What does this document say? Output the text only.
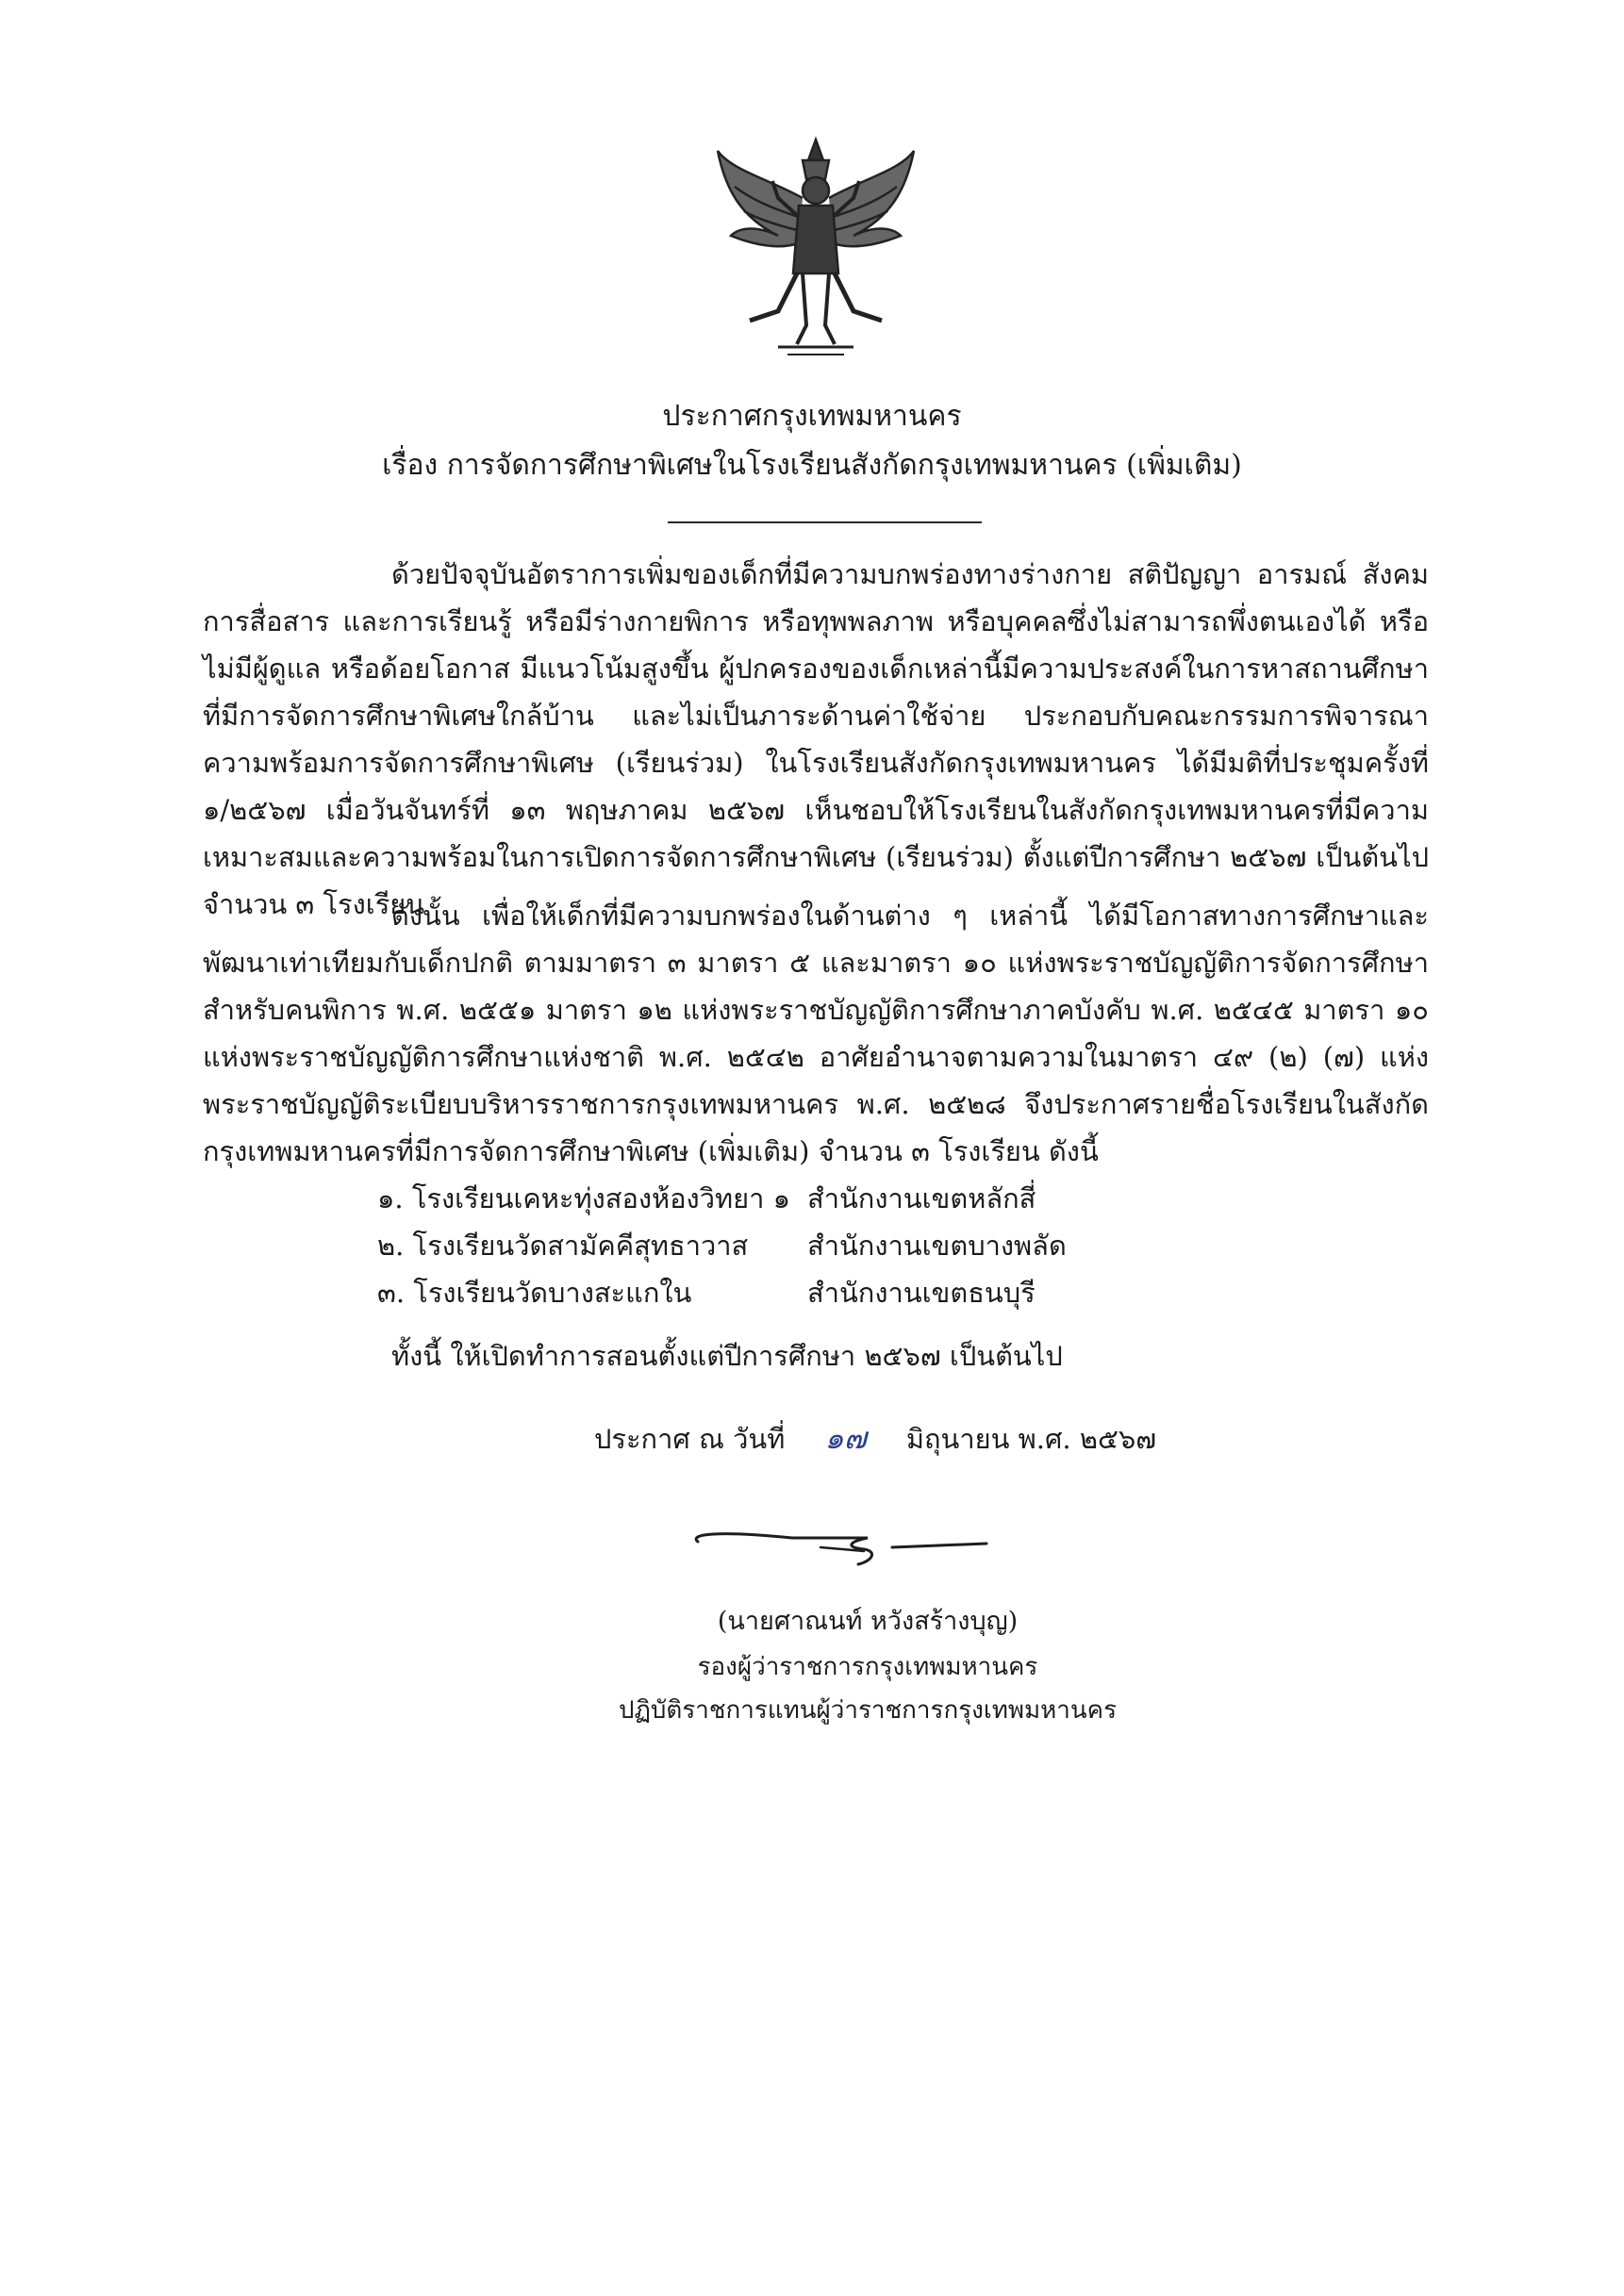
ประกาศกรุงเทพมหานคร
เรื่อง การจัดการศึกษาพิเศษในโรงเรียนสังกัดกรุงเทพมหานคร (เพิ่มเติม)
ด้วยปัจจุบันอัตราการเพิ่มของเด็กที่มีความบกพร่องทางร่างกาย สติปัญญา อารมณ์ สังคม การสื่อสาร และการเรียนรู้ หรือมีร่างกายพิการ หรือทุพพลภาพ หรือบุคคลซึ่งไม่สามารถพึ่งตนเองได้ หรือไม่มีผู้ดูแล หรือด้อยโอกาส มีแนวโน้มสูงขึ้น ผู้ปกครองของเด็กเหล่านี้มีความประสงค์ในการหาสถานศึกษาที่มีการจัดการศึกษาพิเศษใกล้บ้าน และไม่เป็นภาระด้านค่าใช้จ่าย ประกอบกับคณะกรรมการพิจารณาความพร้อมการจัดการศึกษาพิเศษ (เรียนร่วม) ในโรงเรียนสังกัดกรุงเทพมหานคร ได้มีมติที่ประชุมครั้งที่ ๑/๒๕๖๗ เมื่อวันจันทร์ที่ ๑๓ พฤษภาคม ๒๕๖๗ เห็นชอบให้โรงเรียนในสังกัดกรุงเทพมหานครที่มีความเหมาะสมและความพร้อมในการเปิดการจัดการศึกษาพิเศษ (เรียนร่วม) ตั้งแต่ปีการศึกษา ๒๕๖๗ เป็นต้นไป จำนวน ๓ โรงเรียน
ดังนั้น เพื่อให้เด็กที่มีความบกพร่องในด้านต่าง ๆ เหล่านี้ ได้มีโอกาสทางการศึกษาและพัฒนาเท่าเทียมกับเด็กปกติ ตามมาตรา ๓ มาตรา ๕ และมาตรา ๑๐ แห่งพระราชบัญญัติการจัดการศึกษาสำหรับคนพิการ พ.ศ. ๒๕๕๑ มาตรา ๑๒ แห่งพระราชบัญญัติการศึกษาภาคบังคับ พ.ศ. ๒๕๔๕ มาตรา ๑๐ แห่งพระราชบัญญัติการศึกษาแห่งชาติ พ.ศ. ๒๕๔๒ อาศัยอำนาจตามความในมาตรา ๔๙ (๒) (๗) แห่งพระราชบัญญัติระเบียบบริหารราชการกรุงเทพมหานคร พ.ศ. ๒๕๒๘ จึงประกาศรายชื่อโรงเรียนในสังกัดกรุงเทพมหานครที่มีการจัดการศึกษาพิเศษ (เพิ่มเติม) จำนวน ๓ โรงเรียน ดังนี้
๑. โรงเรียนเคหะทุ่งสองห้องวิทยา ๑ สำนักงานเขตหลักสี่
๒. โรงเรียนวัดสามัคคีสุทธาวาส สำนักงานเขตบางพลัด
๓. โรงเรียนวัดบางสะแกใน	สำนักงานเขตธนบุรี
ทั้งนี้ ให้เปิดทำการสอนตั้งแต่ปีการศึกษา ๒๕๖๗ เป็นต้นไป
ประกาศ ณ วันที่ ๑๗ มิถุนายน พ.ศ. ๒๕๖๗
(นายศาณนท์ หวังสร้างบุญ)
รองผู้ว่าราชการกรุงเทพมหานคร
ปฏิบัติราชการแทนผู้ว่าราชการกรุงเทพมหานคร
